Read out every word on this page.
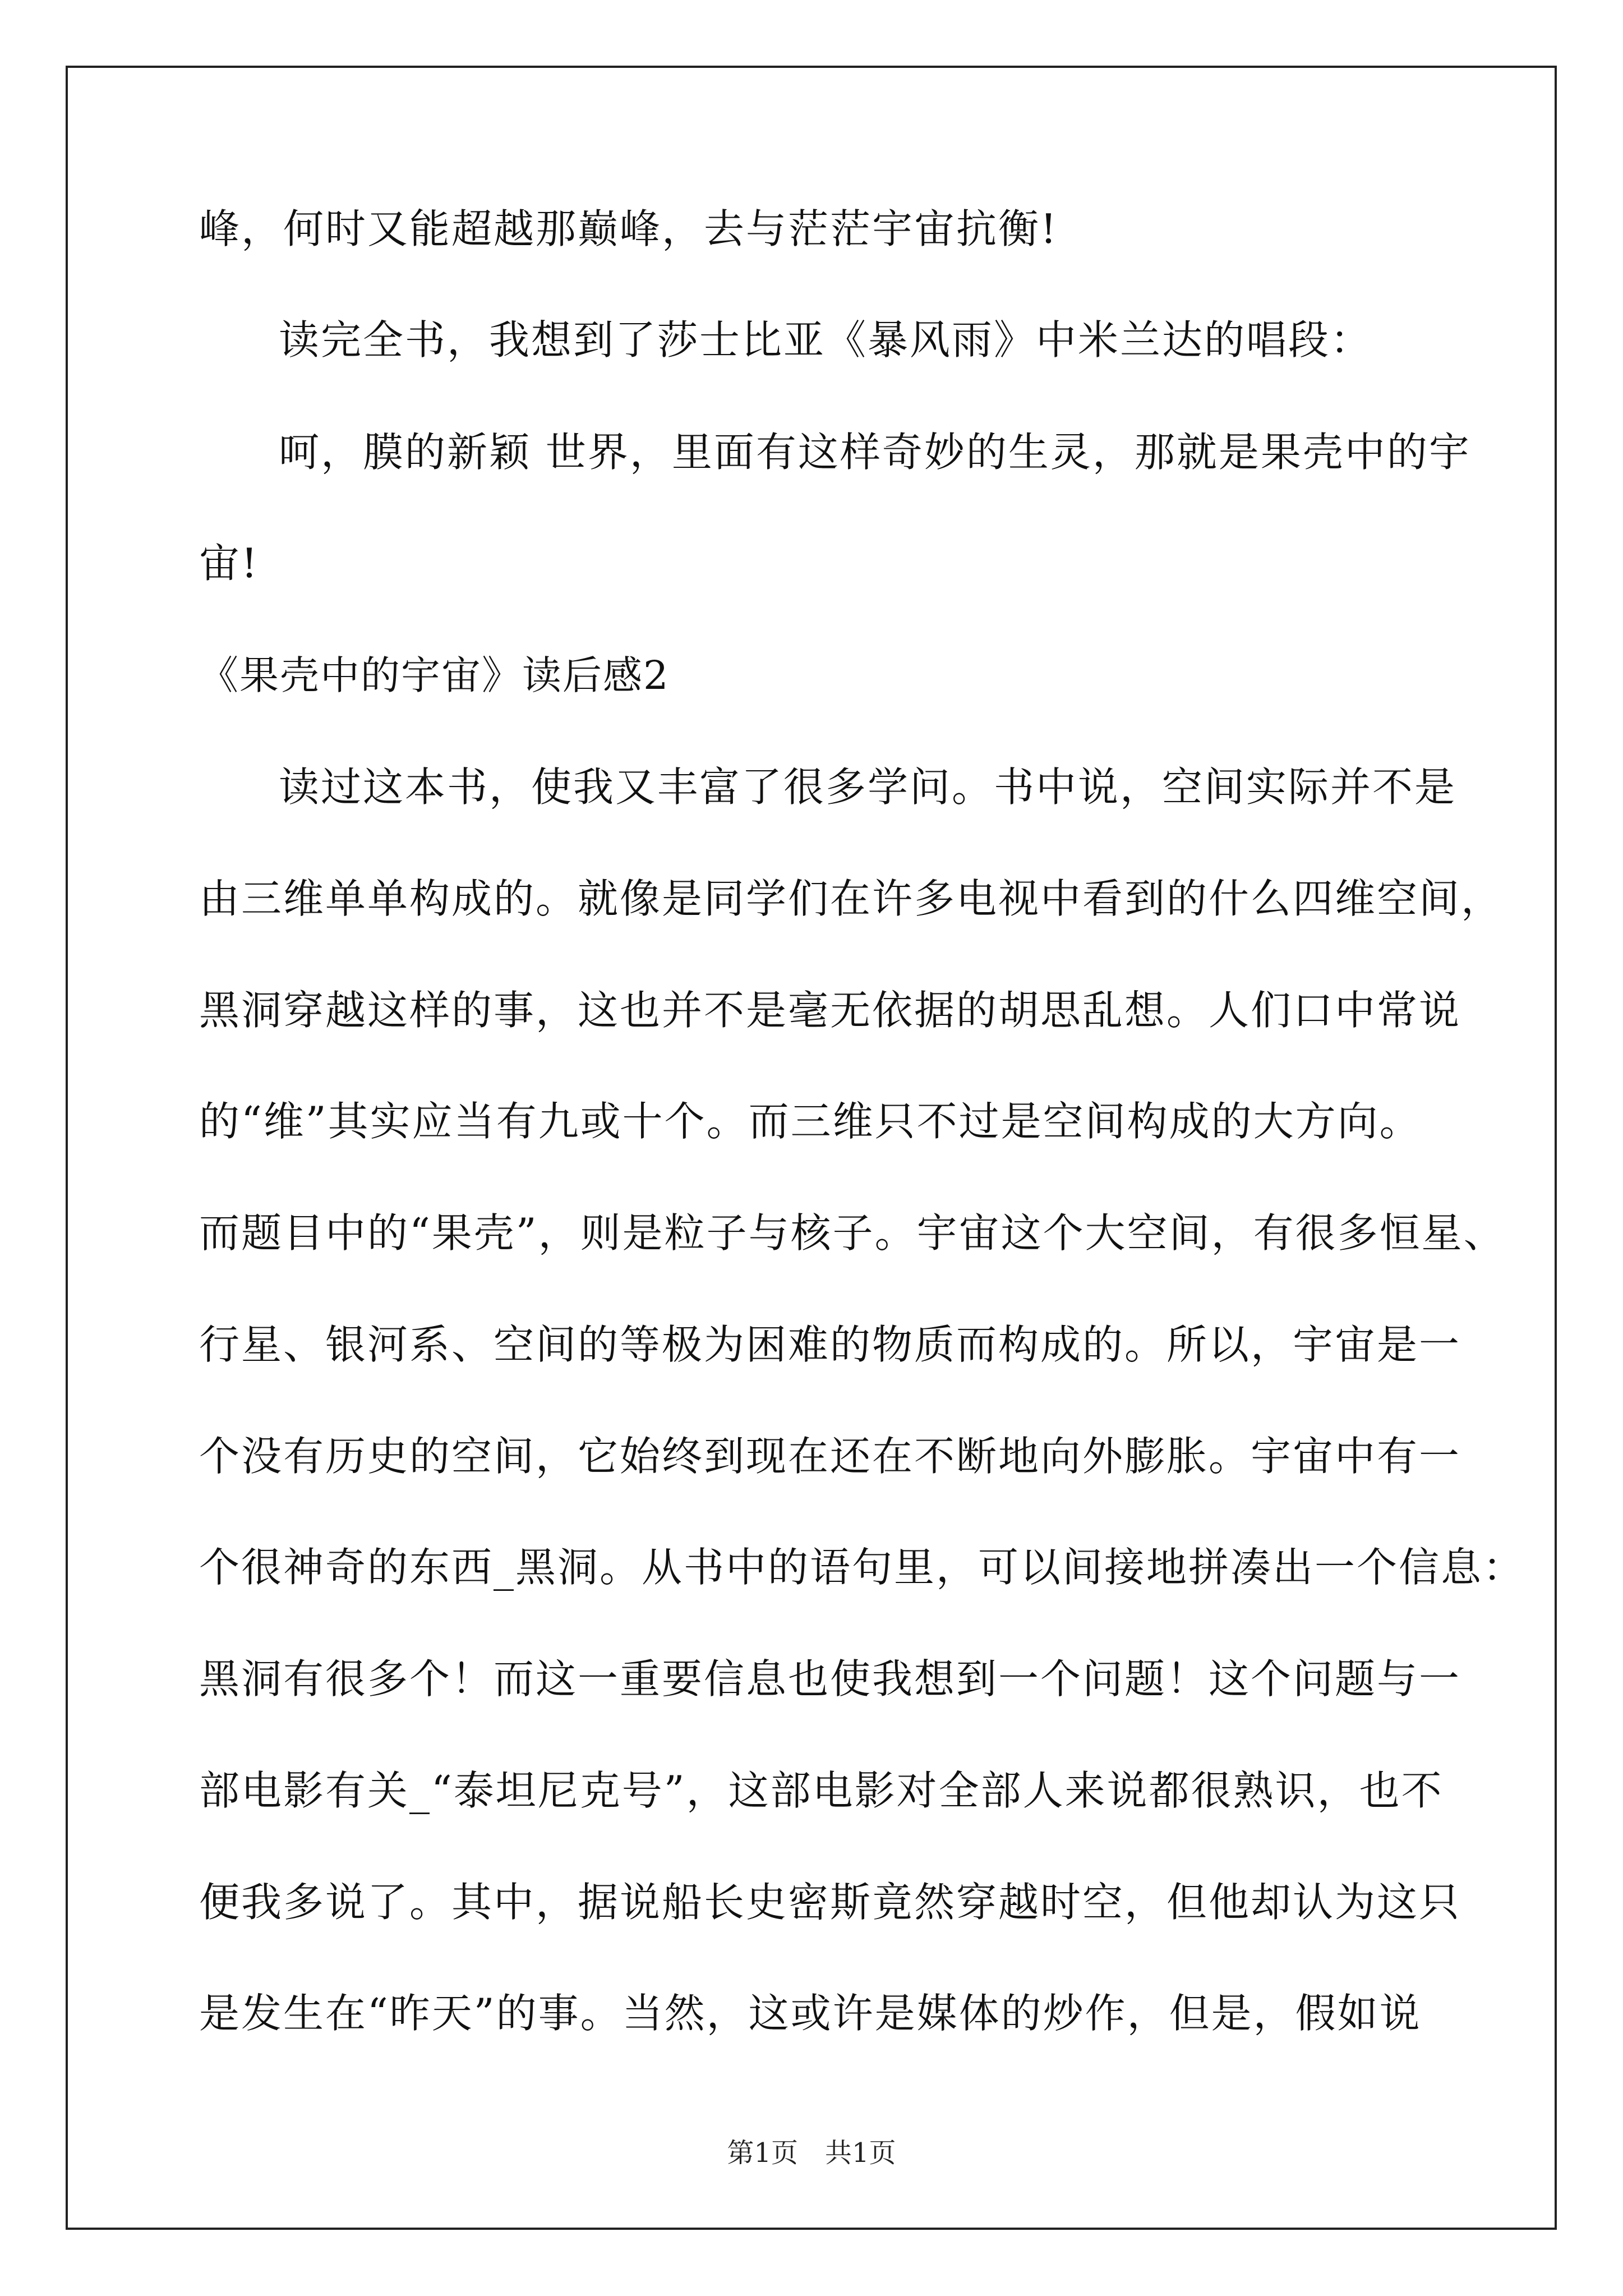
峰，何时又能超越那巅峰，去与茫茫宇宙抗衡!
读完全书，我想到了莎士比亚《暴风雨》中米兰达的唱段：
呵，膜的新颖 世界，里面有这样奇妙的生灵，那就是果壳中的宇
宙!
《果壳中的宇宙》读后感2
读过这本书，使我又丰富了很多学问。书中说，空间实际并不是
由三维单单构成的。就像是同学们在许多电视中看到的什么四维空间，
黑洞穿越这样的事，这也并不是毫无依据的胡思乱想。人们口中常说
的“维”其实应当有九或十个。而三维只不过是空间构成的大方向。
而题目中的“果壳”，则是粒子与核子。宇宙这个大空间，有很多恒星、
行星、银河系、空间的等极为困难的物质而构成的。所以，宇宙是一
个没有历史的空间，它始终到现在还在不断地向外膨胀。宇宙中有一
个很神奇的东西_黑洞。从书中的语句里，可以间接地拼凑出一个信息：
黑洞有很多个！而这一重要信息也使我想到一个问题！这个问题与一
部电影有关_“泰坦尼克号”，这部电影对全部人来说都很熟识，也不
便我多说了。其中，据说船长史密斯竟然穿越时空，但他却认为这只
是发生在“昨天”的事。当然，这或许是媒体的炒作，但是，假如说
第1页　共1页
